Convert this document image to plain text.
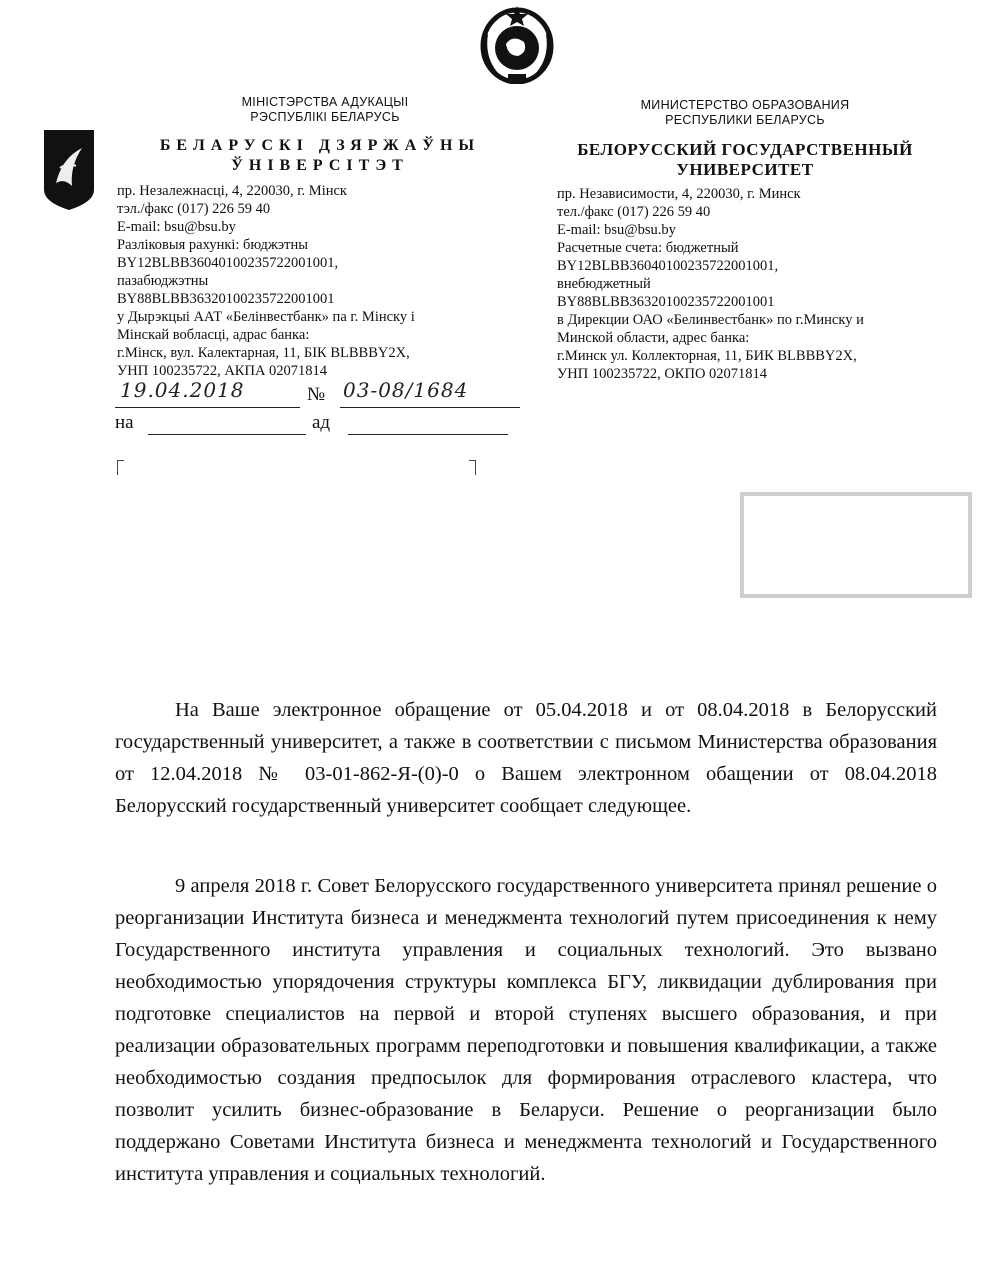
МІНІСТЭРСТВА АДУКАЦЫІ
РЭСПУБЛІКІ БЕЛАРУСЬ
МИНИСТЕРСТВО ОБРАЗОВАНИЯ
РЕСПУБЛИКИ БЕЛАРУСЬ
БЕЛАРУСКІ ДЗЯРЖАЎНЫ
ЎНІВЕРСІТЭТ
БЕЛОРУССКИЙ ГОСУДАРСТВЕННЫЙ
УНИВЕРСИТЕТ
пр. Незалежнасці, 4, 220030, г. Мінск
тэл./факс (017) 226 59 40
E-mail: bsu@bsu.by
Разліковыя рахункі: бюджэтны
BY12BLBB36040100235722001001,
пазабюджэтны
BY88BLBB36320100235722001001
у Дырэкцыі ААТ «Белінвестбанк» па г. Мінску і
Мінскай вобласці, адрас банка:
г.Мінск, вул. Калектарная, 11, БІК BLBBBY2X,
УНП 100235722, АКПА 02071814
пр. Независимости, 4, 220030, г. Минск
тел./факс (017) 226 59 40
E-mail: bsu@bsu.by
Расчетные счета: бюджетный
BY12BLBB36040100235722001001,
внебюджетный
BY88BLBB36320100235722001001
в Дирекции ОАО «Белинвестбанк» по г.Минску и
Минской области, адрес банка:
г.Минск ул. Коллекторная, 11, БИК BLBBBY2X,
УНП 100235722, ОКПО 02071814
19.04.2018	№ 03-08/1684
на	ад

На Ваше электронное обращение от 05.04.2018 и от 08.04.2018 в Белорусский государственный университет, а также в соответствии с письмом Министерства образования от 12.04.2018 № 03-01-862-Я-(0)-0 о Вашем электронном обащении от 08.04.2018 Белорусский государственный университет сообщает следующее.

9 апреля 2018 г. Совет Белорусского государственного университета принял решение о реорганизации Института бизнеса и менеджмента технологий путем присоединения к нему Государственного института управления и социальных технологий. Это вызвано необходимостью упорядочения структуры комплекса БГУ, ликвидации дублирования при подготовке специалистов на первой и второй ступенях высшего образования, и при реализации образовательных программ переподготовки и повышения квалификации, а также необходимостью создания предпосылок для формирования отраслевого кластера, что позволит усилить бизнес-образование в Беларуси. Решение о реорганизации было поддержано Советами Института бизнеса и менеджмента технологий и Государственного института управления и социальных технологий.
